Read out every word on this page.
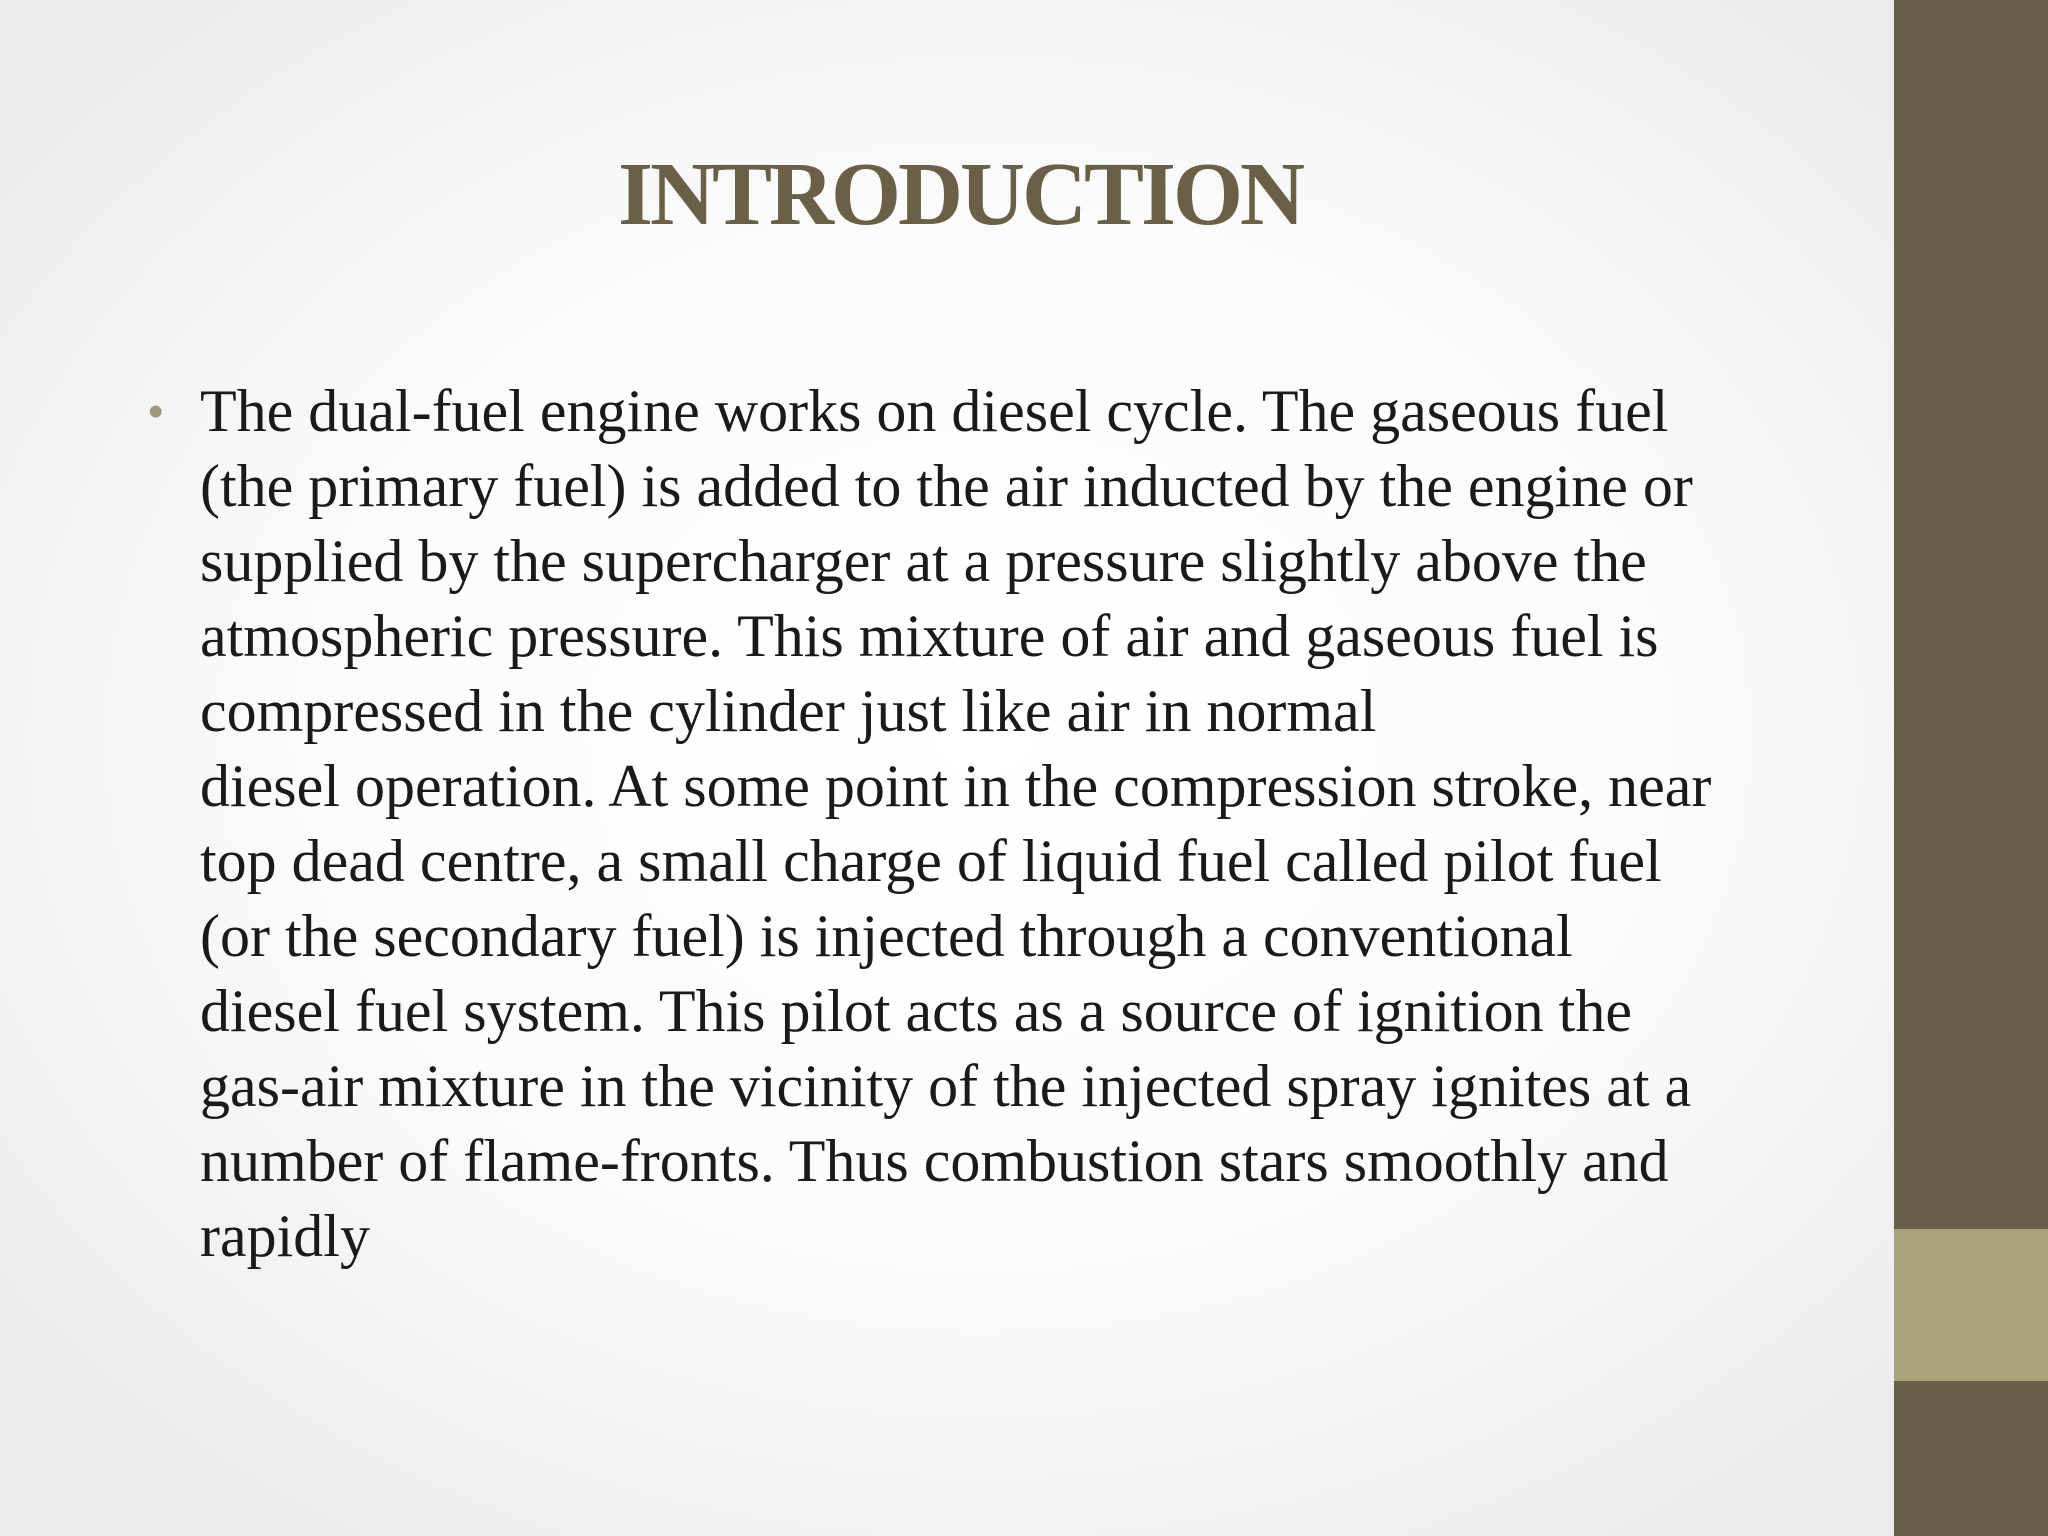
INTRODUCTION
• The dual-fuel engine works on diesel cycle. The gaseous fuel
(the primary fuel) is added to the air inducted by the engine or
supplied by the supercharger at a pressure slightly above the
atmospheric pressure. This mixture of air and gaseous fuel is
compressed in the cylinder just like air in normal
diesel operation. At some point in the compression stroke, near
top dead centre, a small charge of liquid fuel called pilot fuel
(or the secondary fuel) is injected through a conventional
diesel fuel system. This pilot acts as a source of ignition the
gas-air mixture in the vicinity of the injected spray ignites at a
number of flame-fronts. Thus combustion stars smoothly and
rapidly
